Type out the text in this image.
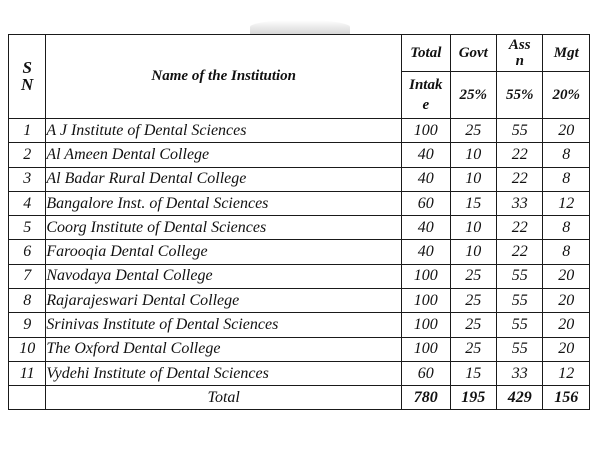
S N	Name of the Institution	Total	Govt	Assn	Mgt
		Intake	25%	55%	20%
1	A J Institute of Dental Sciences	100	25	55	20
2	Al Ameen Dental College	40	10	22	8
3	Al Badar Rural Dental College	40	10	22	8
4	Bangalore Inst. of Dental Sciences	60	15	33	12
5	Coorg Institute of Dental Sciences	40	10	22	8
6	Farooqia Dental College	40	10	22	8
7	Navodaya Dental College	100	25	55	20
8	Rajarajeswari Dental College	100	25	55	20
9	Srinivas Institute of Dental Sciences	100	25	55	20
10	The Oxford Dental College	100	25	55	20
11	Vydehi Institute of Dental Sciences	60	15	33	12
	Total	780	195	429	156
